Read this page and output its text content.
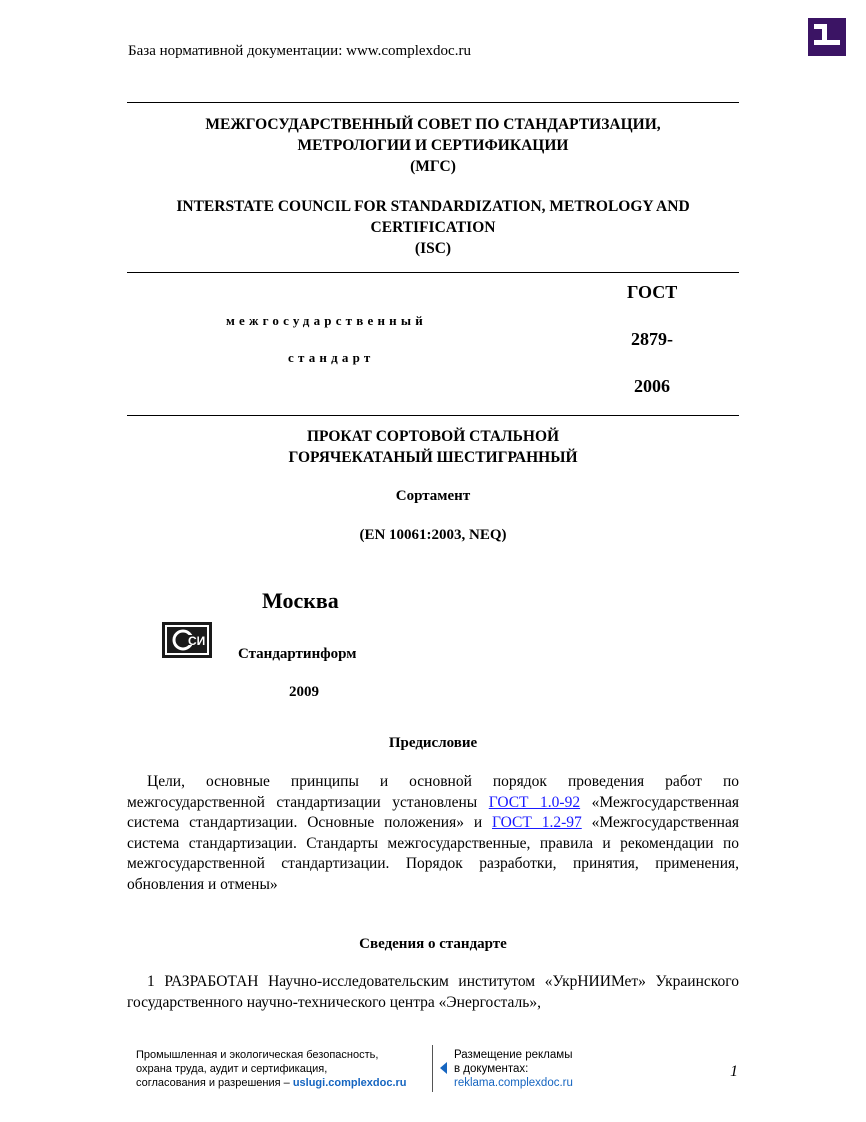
База нормативной документации: www.complexdoc.ru
МЕЖГОСУДАРСТВЕННЫЙ СОВЕТ ПО СТАНДАРТИЗАЦИИ,
МЕТРОЛОГИИ И СЕРТИФИКАЦИИ
(МГС)
INTERSTATE COUNCIL FOR STANDARDIZATION, METROLOGY AND
CERTIFICATION
(ISC)
межгосударственный
стандарт
ГОСТ
2879-
2006
ПРОКАТ СОРТОВОЙ СТАЛЬНОЙ
ГОРЯЧЕКАТАНЫЙ ШЕСТИГРАННЫЙ
Сортамент
(EN 10061:2003, NEQ)
Москва
СИ
Стандартинформ
2009
Предисловие
Цели, основные принципы и основной порядок проведения работ по межгосударственной стандартизации установлены ГОСТ 1.0-92 «Межгосударственная система стандартизации. Основные положения» и ГОСТ 1.2-97 «Межгосударственная система стандартизации. Стандарты межгосударственные, правила и рекомендации по межгосударственной стандартизации. Порядок разработки, принятия, применения, обновления и отмены»
Сведения о стандарте
1 РАЗРАБОТАН Научно-исследовательским институтом «УкрНИИМет» Украинского государственного научно-технического центра «Энергосталь»,
Промышленная и экологическая безопасность,
охрана труда, аудит и сертификация,
согласования и разрешения – uslugi.complexdoc.ru
Размещение рекламы
в документах:
reklama.complexdoc.ru
1
